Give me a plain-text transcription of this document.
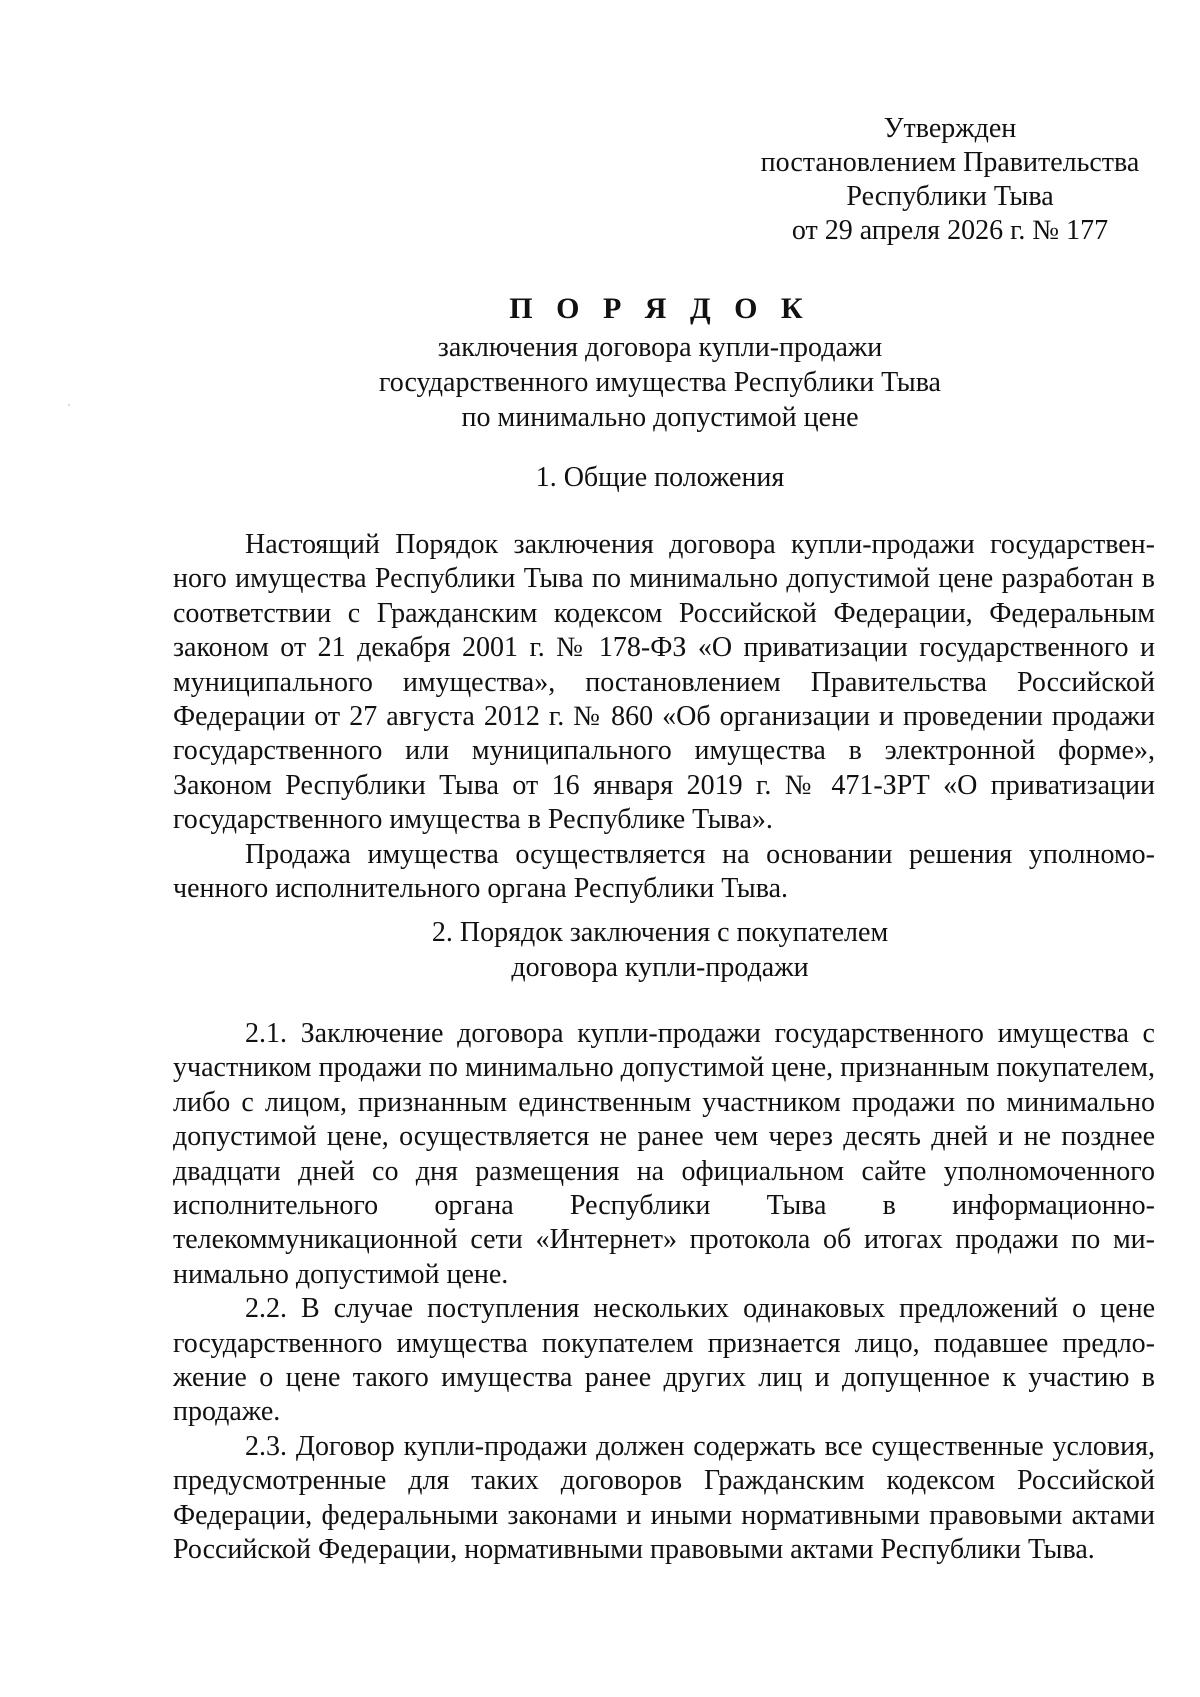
Утвержден
постановлением Правительства
Республики Тыва
от 29 апреля 2026 г. № 177
П О Р Я Д О К
заключения договора купли-продажи
государственного имущества Республики Тыва
по минимально допустимой цене
1. Общие положения

Настоящий Порядок заключения договора купли-продажи государственного имущества Республики Тыва по минимально допустимой цене разработан в соответствии с Гражданским кодексом Российской Федерации, Федеральным законом от 21 декабря 2001 г. № 178-ФЗ «О приватизации государственного и муниципального имущества», постановлением Правительства Российской Федерации от 27 августа 2012 г. № 860 «Об организации и проведении продажи государственного или муниципального имущества в электронной форме», Законом Республики Тыва от 16 января 2019 г. № 471-ЗРТ «О приватизации государственного имущества в Республике Тыва».

Продажа имущества осуществляется на основании решения уполномоченного исполнительного органа Республики Тыва.

2. Порядок заключения с покупателем
договора купли-продажи

2.1. Заключение договора купли-продажи государственного имущества с участником продажи по минимально допустимой цене, признанным покупателем, либо с лицом, признанным единственным участником продажи по минимально допустимой цене, осуществляется не ранее чем через десять дней и не позднее двадцати дней со дня размещения на официальном сайте уполномоченного исполнительного органа Республики Тыва в информационно-телекоммуникационной сети «Интернет» протокола об итогах продажи по минимально допустимой цене.

2.2. В случае поступления нескольких одинаковых предложений о цене государственного имущества покупателем признается лицо, подавшее предложение о цене такого имущества ранее других лиц и допущенное к участию в продаже.

2.3. Договор купли-продажи должен содержать все существенные условия, предусмотренные для таких договоров Гражданским кодексом Российской Федерации, федеральными законами и иными нормативными правовыми актами Российской Федерации, нормативными правовыми актами Республики Тыва.
